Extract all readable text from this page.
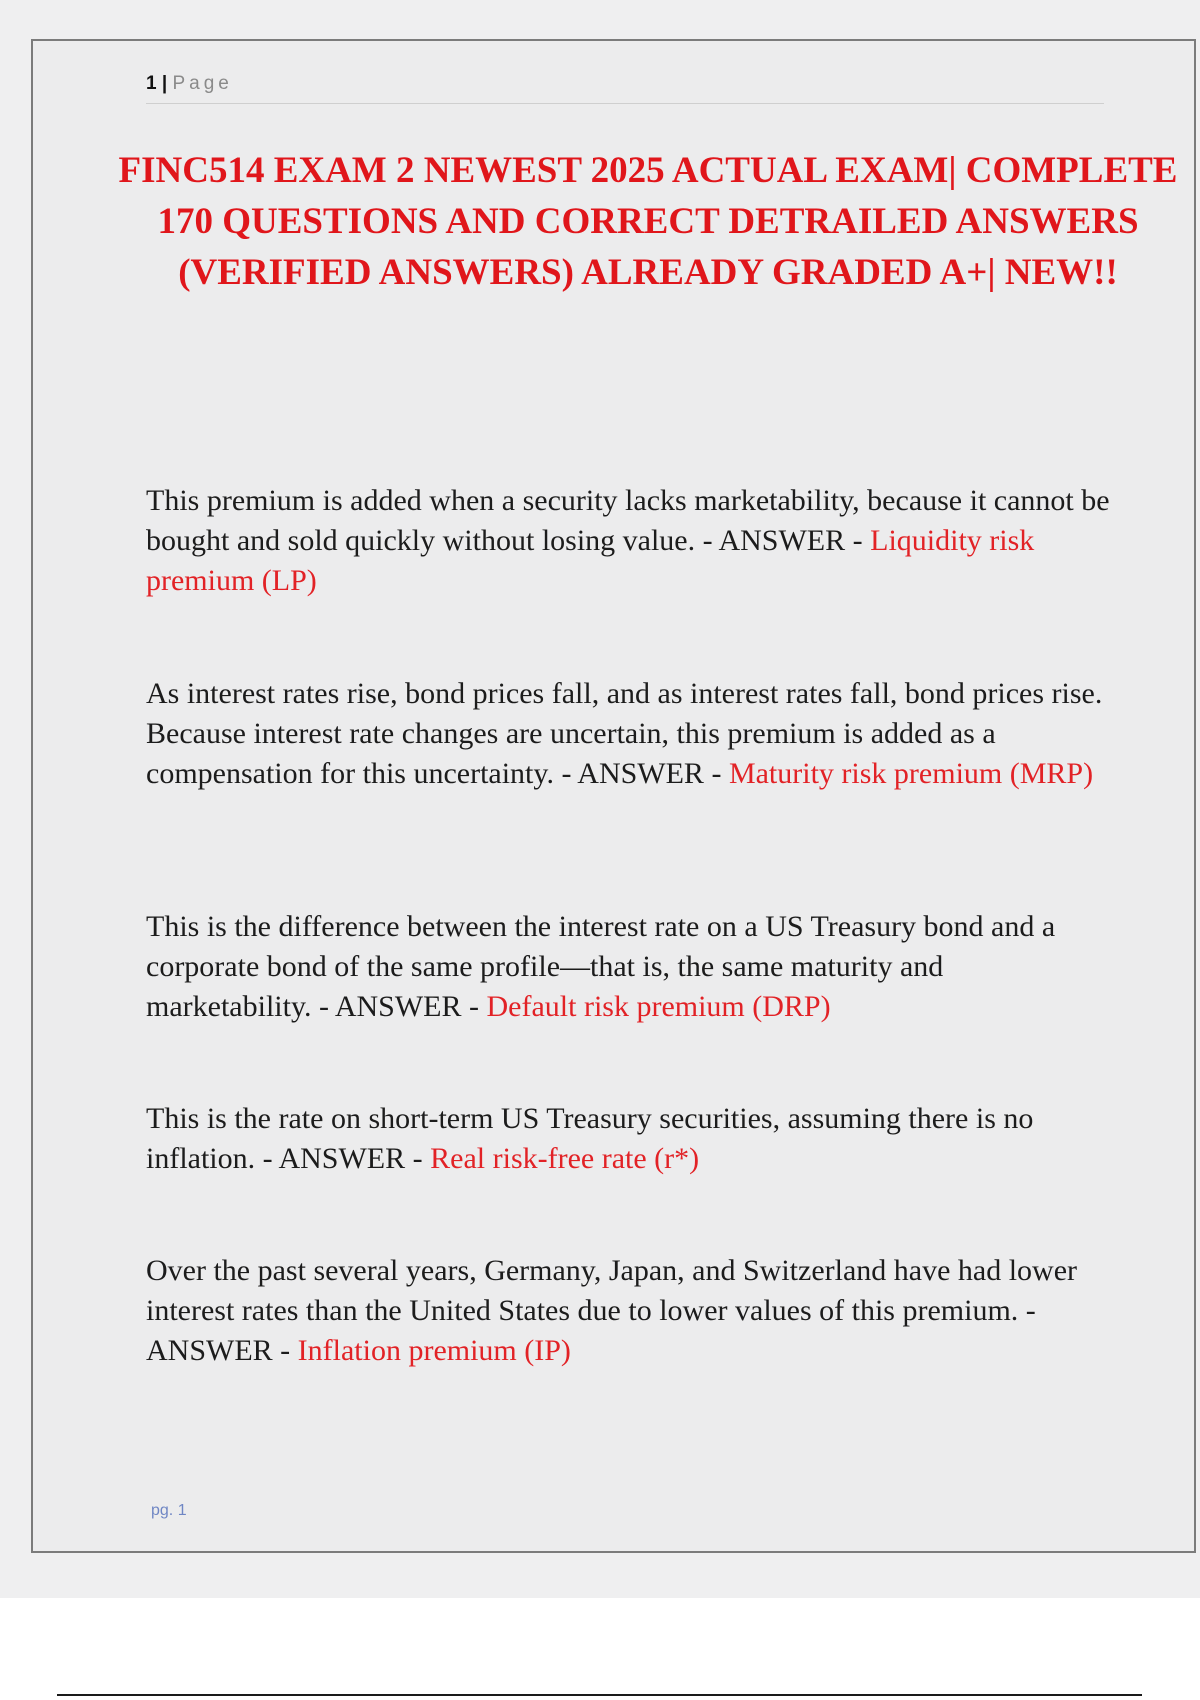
1 | Page
FINC514 EXAM 2 NEWEST 2025 ACTUAL EXAM| COMPLETE 170 QUESTIONS AND CORRECT DETRAILED ANSWERS (VERIFIED ANSWERS) ALREADY GRADED A+| NEW!!

This premium is added when a security lacks marketability, because it cannot be bought and sold quickly without losing value. - ANSWER - Liquidity risk premium (LP)

As interest rates rise, bond prices fall, and as interest rates fall, bond prices rise. Because interest rate changes are uncertain, this premium is added as a compensation for this uncertainty. - ANSWER - Maturity risk premium (MRP)

This is the difference between the interest rate on a US Treasury bond and a corporate bond of the same profile—that is, the same maturity and marketability. - ANSWER - Default risk premium (DRP)

This is the rate on short-term US Treasury securities, assuming there is no inflation. - ANSWER - Real risk-free rate (r*)

Over the past several years, Germany, Japan, and Switzerland have had lower interest rates than the United States due to lower values of this premium. - ANSWER - Inflation premium (IP)

pg. 1
